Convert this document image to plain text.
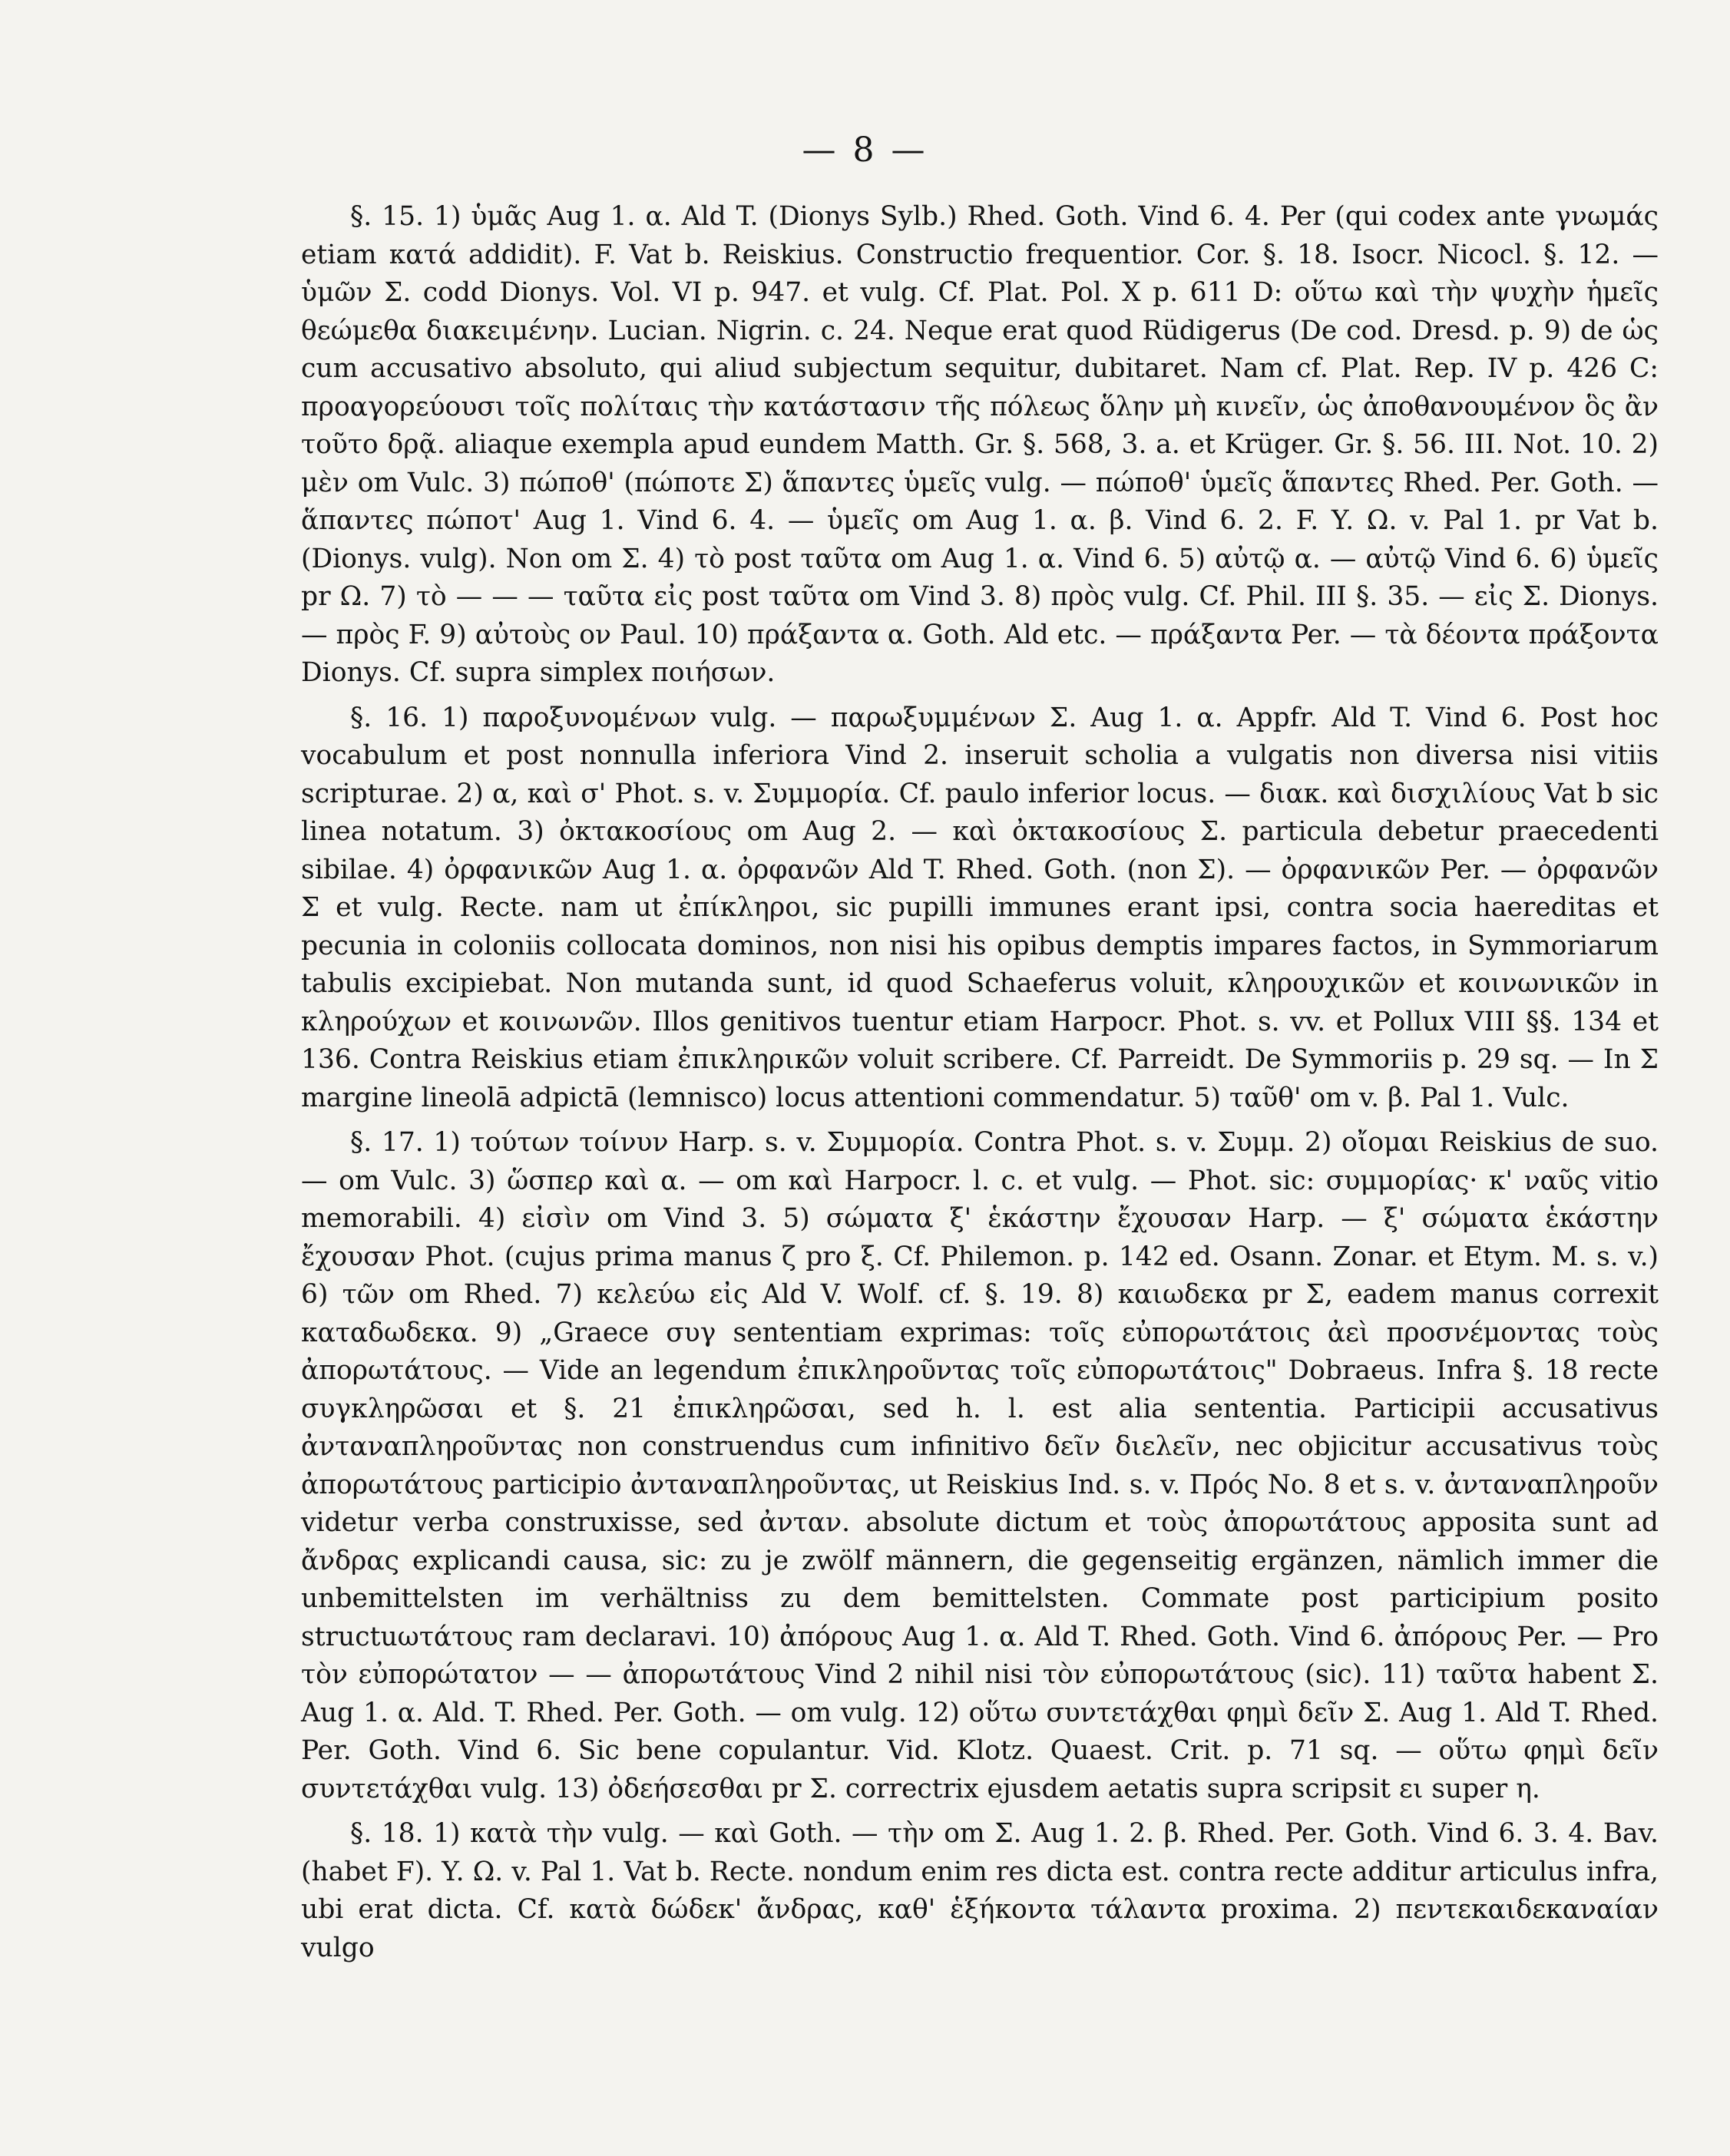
— 8 —

§. 15. 1) ὑμᾶς Aug 1. α. Ald T. (Dionys Sylb.) Rhed. Goth. Vind 6. 4. Per (qui codex ante γνωμάς etiam κατά addidit). F. Vat b. Reiskius. Constructio frequentior. Cor. §. 18. Isocr. Nicocl. §. 12. — ὑμῶν Σ. codd Dionys. Vol. VI p. 947. et vulg. Cf. Plat. Pol. X p. 611 D: οὕτω καὶ τὴν ψυχὴν ἡμεῖς θεώμεθα διακειμένην. Lucian. Nigrin. c. 24. Neque erat quod Rüdigerus (De cod. Dresd. p. 9) de ὡς cum accusativo absoluto, qui aliud subjectum sequitur, dubitaret. Nam cf. Plat. Rep. IV p. 426 C: προαγορεύουσι τοῖς πολίταις τὴν κατάστασιν τῆς πόλεως ὅλην μὴ κινεῖν, ὡς ἀποθανουμένον ὃς ἂν τοῦτο δρᾷ. aliaque exempla apud eundem Matth. Gr. §. 568, 3. a. et Krüger. Gr. §. 56. III. Not. 10. 2) μὲν om Vulc. 3) πώποθ' (πώποτε Σ) ἅπαντες ὑμεῖς vulg. — πώποθ' ὑμεῖς ἅπαντες Rhed. Per. Goth. — ἅπαντες πώποτ' Aug 1. Vind 6. 4. — ὑμεῖς om Aug 1. α. β. Vind 6. 2. F. Y. Ω. v. Pal 1. pr Vat b. (Dionys. vulg). Non om Σ. 4) τὸ post ταῦτα om Aug 1. α. Vind 6. 5) αὐτῷ α. — αὐτῷ Vind 6. 6) ὑμεῖς pr Ω. 7) τὸ — — — ταῦτα εἰς post ταῦτα om Vind 3. 8) πρὸς vulg. Cf. Phil. III §. 35. — εἰς Σ. Dionys. — πρὸς F. 9) αὐτοὺς ον Paul. 10) πράξαντα α. Goth. Ald etc. — πράξαντα Per. — τὰ δέοντα πράξοντα Dionys. Cf. supra simplex ποιήσων.

§. 16. 1) παροξυνομένων vulg. — παρωξυμμένων Σ. Aug 1. α. Appfr. Ald T. Vind 6. Post hoc vocabulum et post nonnulla inferiora Vind 2. inseruit scholia a vulgatis non diversa nisi vitiis scripturae. 2) α, καὶ σ' Phot. s. v. Συμμορία. Cf. paulo inferior locus. — διακ. καὶ δισχιλίους Vat b sic linea notatum. 3) ὀκτακοσίους om Aug 2. — καὶ ὀκτακοσίους Σ. particula debetur praecedenti sibilae. 4) ὀρφανικῶν Aug 1. α. ὀρφανῶν Ald T. Rhed. Goth. (non Σ). — ὀρφανικῶν Per. — ὀρφανῶν Σ et vulg. Recte. nam ut ἐπίκληροι, sic pupilli immunes erant ipsi, contra socia haereditas et pecunia in coloniis collocata dominos, non nisi his opibus demptis impares factos, in Symmoriarum tabulis excipiebat. Non mutanda sunt, id quod Schaeferus voluit, κληρουχικῶν et κοινωνικῶν in κληρούχων et κοινωνῶν. Illos genitivos tuentur etiam Harpocr. Phot. s. vv. et Pollux VIII §§. 134 et 136. Contra Reiskius etiam ἐπικληρικῶν voluit scribere. Cf. Parreidt. De Symmoriis p. 29 sq. — In Σ margine lineolā adpictā (lemnisco) locus attentioni commendatur. 5) ταῦθ' om v. β. Pal 1. Vulc.

§. 17. 1) τούτων τοίνυν Harp. s. v. Συμμορία. Contra Phot. s. v. Συμμ. 2) οἴομαι Reiskius de suo. — om Vulc. 3) ὥσπερ καὶ α. — om καὶ Harpocr. l. c. et vulg. — Phot. sic: συμμορίας· κ' ναῦς vitio memorabili. 4) εἰσὶν om Vind 3. 5) σώματα ξ' ἑκάστην ἔχουσαν Harp. — ξ' σώματα ἑκάστην ἔχουσαν Phot. (cujus prima manus ζ pro ξ. Cf. Philemon. p. 142 ed. Osann. Zonar. et Etym. M. s. v.) 6) τῶν om Rhed. 7) κελεύω εἰς Ald V. Wolf. cf. §. 19. 8) καιωδεκα pr Σ, eadem manus correxit καταδωδεκα. 9) „Graece συγ sententiam exprimas: τοῖς εὐπορωτάτοις ἀεὶ προσνέμοντας τοὺς ἀπορωτάτους. — Vide an legendum ἐπικληροῦντας τοῖς εὐπορωτάτοις" Dobraeus. Infra §. 18 recte συγκληρῶσαι et §. 21 ἐπικληρῶσαι, sed h. l. est alia sententia. Participii accusativus ἀνταναπληροῦντας non construendus cum infinitivo δεῖν διελεῖν, nec objicitur accusativus τοὺς ἀπορωτάτους participio ἀνταναπληροῦντας, ut Reiskius Ind. s. v. Πρός No. 8 et s. v. ἀνταναπληροῦν videtur verba construxisse, sed ἀνταν. absolute dictum et τοὺς ἀπορωτάτους apposita sunt ad ἄνδρας explicandi causa, sic: zu je zwölf männern, die gegenseitig ergänzen, nämlich immer die unbemittelsten im verhältniss zu dem bemittelsten. Commate post participium posito structuωτάτους ram declaravi. 10) ἀπόρους Aug 1. α. Ald T. Rhed. Goth. Vind 6. ἀπόρους Per. — Pro τὸν εὐπορώτατον — — ἀπορωτάτους Vind 2 nihil nisi τὸν εὐπορωτάτους (sic). 11) ταῦτα habent Σ. Aug 1. α. Ald. T. Rhed. Per. Goth. — om vulg. 12) οὕτω συντετάχθαι φημὶ δεῖν Σ. Aug 1. Ald T. Rhed. Per. Goth. Vind 6. Sic bene copulantur. Vid. Klotz. Quaest. Crit. p. 71 sq. — οὕτω φημὶ δεῖν συντετάχθαι vulg. 13) ὀδεήσεσθαι pr Σ. correctrix ejusdem aetatis supra scripsit ει super η.

§. 18. 1) κατὰ τὴν vulg. — καὶ Goth. — τὴν om Σ. Aug 1. 2. β. Rhed. Per. Goth. Vind 6. 3. 4. Bav. (habet F). Y. Ω. v. Pal 1. Vat b. Recte. nondum enim res dicta est. contra recte additur articulus infra, ubi erat dicta. Cf. κατὰ δώδεκ' ἄνδρας, καθ' ἑξήκοντα τάλαντα proxima. 2) πεντεκαιδεκαναίαν vulgo
